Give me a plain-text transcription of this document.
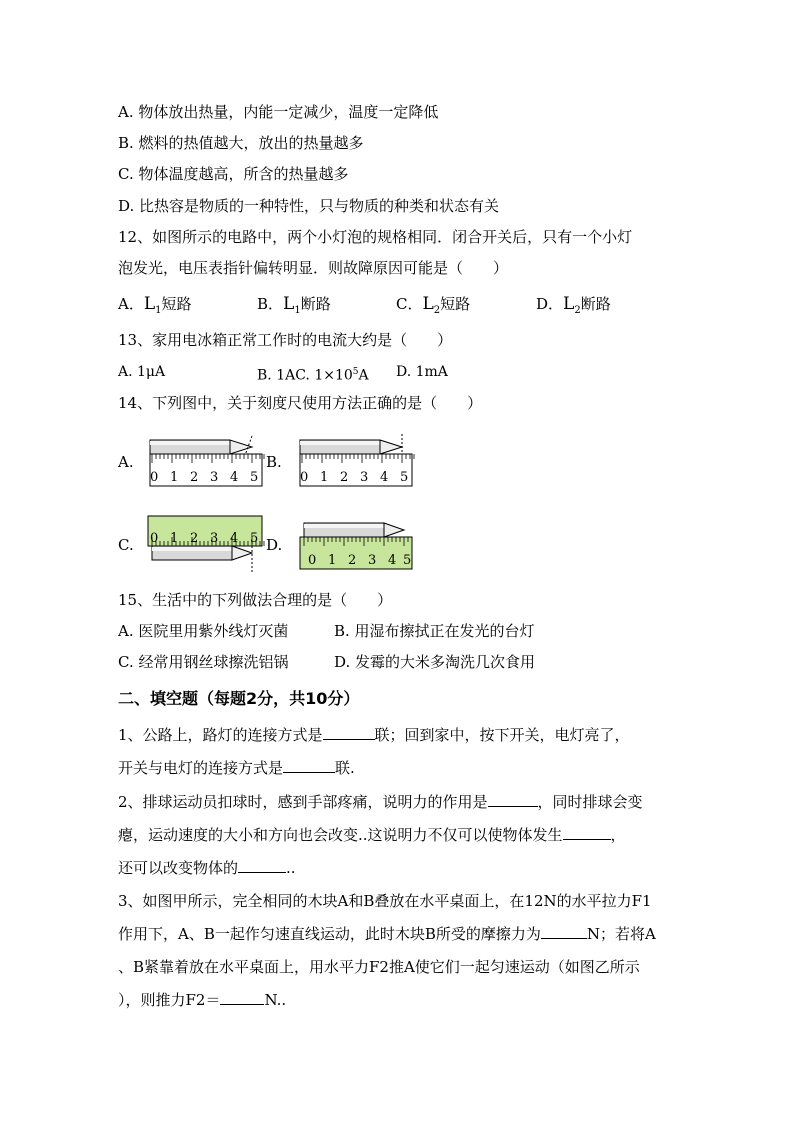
A. 物体放出热量，内能一定减少，温度一定降低
B. 燃料的热值越大，放出的热量越多
C. 物体温度越高，所含的热量越多
D. 比热容是物质的一种特性，只与物质的种类和状态有关
12、如图所示的电路中，两个小灯泡的规格相同．闭合开关后，只有一个小灯
泡发光，电压表指针偏转明显．则故障原因可能是（　　）
A．$L_1$短路	B．$L_1$断路	C．$L_2$短路	D．$L_2$断路
13、家用电冰箱正常工作时的电流大约是（　　）
A. 1μA	B. 1AC. $1\times 10^5A$ D. 1mA
14、下列图中，关于刻度尺使用方法正确的是（　　）
A.	B.
C.	D.
0 1 2 3 4 5	0 1 2 3 4 5
0 1 2 3 4 5
0 1 2 3 4 5
15、生活中的下列做法合理的是（　　）
A. 医院里用紫外线灯灭菌	B. 用湿布擦拭正在发光的台灯
C. 经常用钢丝球擦洗铝锅	D. 发霉的大米多淘洗几次食用
二、填空题（每题2分，共10分）
1、公路上，路灯的连接方式是	联；回到家中，按下开关，电灯亮了，
开关与电灯的连接方式是	联.
2、排球运动员扣球时，感到手部疼痛，说明力的作用是	，同时排球会变
瘪，运动速度的大小和方向也会改变..这说明力不仅可以使物体发生	，
还可以改变物体的	..
3、如图甲所示，完全相同的木块A和B叠放在水平桌面上，在12N的水平拉力F1
作用下，A、B一起作匀速直线运动，此时木块B所受的摩擦力为	N；若将A
、B紧靠着放在水平桌面上，用水平力F2推A使它们一起匀速运动（如图乙所示
），则推力F2＝	N..
